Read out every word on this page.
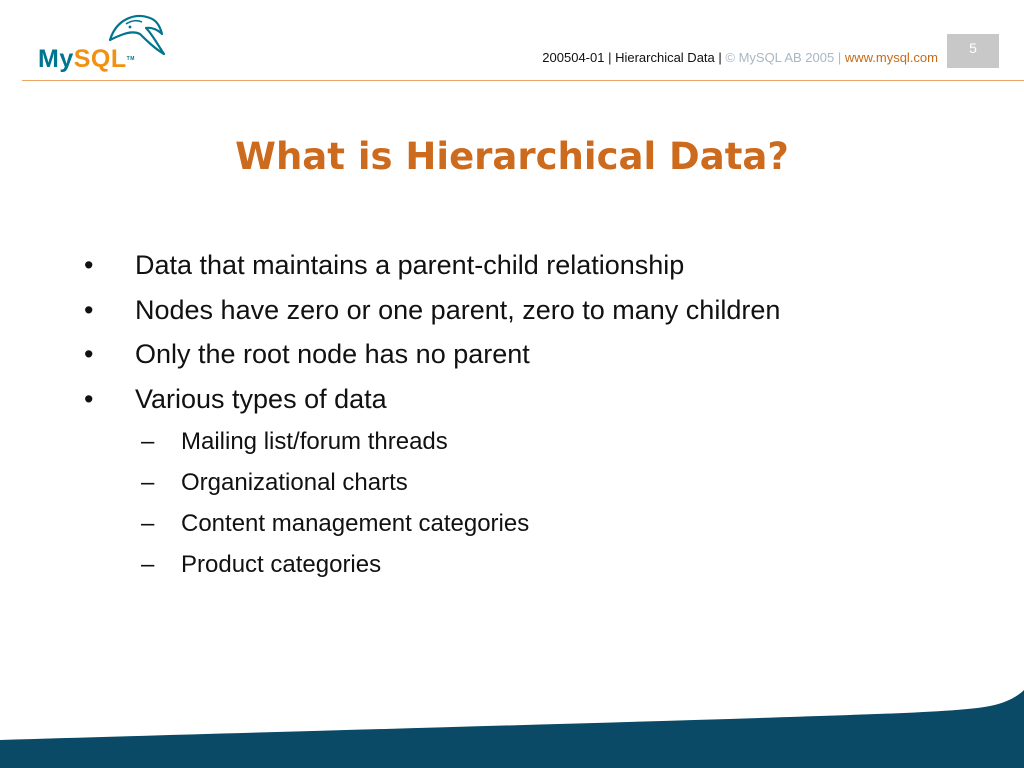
MySQL™	200504-01 | Hierarchical Data | © MySQL AB 2005 | www.mysql.com
5
What is Hierarchical Data?
•	Data that maintains a parent-child relationship
•	Nodes have zero or one parent, zero to many children
•	Only the root node has no parent
•	Various types of data
– Mailing list/forum threads
– Organizational charts
– Content management categories
– Product categories
